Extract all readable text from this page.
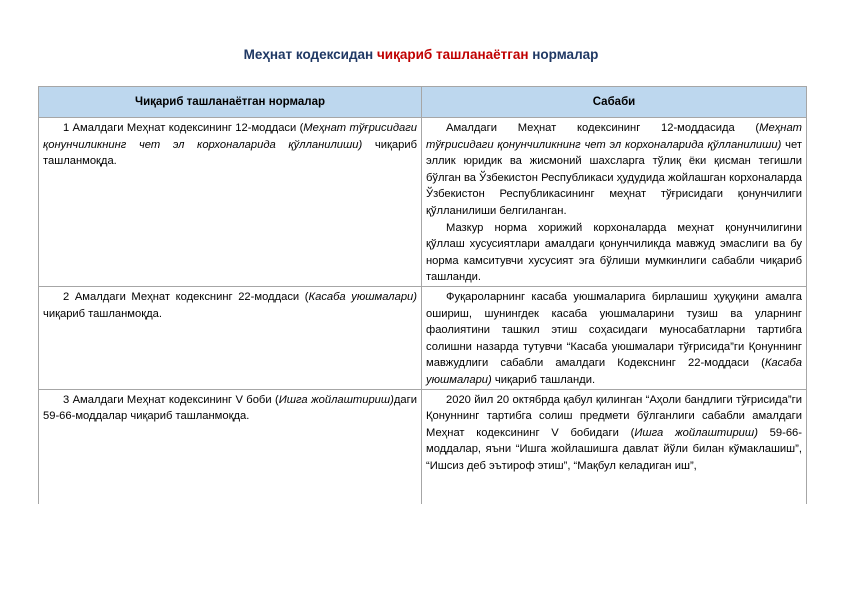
Меҳнат кодексидан чиқариб ташланаётган нормалар
Чиқариб ташланаётган нормалар	Сабаби

1 Амалдаги Меҳнат кодексининг 12-моддаси (Меҳнат тўғрисидаги қонунчиликнинг чет эл корхоналарида қўлланилиши) чиқариб ташланмоқда.	Амалдаги Меҳнат кодексининг 12-моддасида (Меҳнат тўғрисидаги қонунчиликнинг чет эл корхоналарида қўлланилиши) чет эллик юридик ва жисмоний шахсларга тўлиқ ёки қисман тегишли бўлган ва Ўзбекистон Республикаси ҳудудида жойлашган корхоналарда Ўзбекистон Республикасининг меҳнат тўғрисидаги қонунчилиги қўлланилиши белгиланган.

Мазкур норма хорижий корхоналарда меҳнат қонунчилигини қўллаш хусусиятлари амалдаги қонунчиликда мавжуд эмаслиги ва бу норма камситувчи хусусият эга бўлиши мумкинлиги сабабли чиқариб ташланди.

2 Амалдаги Меҳнат кодекснинг 22-моддаси (Касаба уюшмалари) чиқариб ташланмоқда.	Фуқароларнинг касаба уюшмаларига бирлашиш ҳуқуқини амалга ошириш, шунингдек касаба уюшмаларини тузиш ва уларнинг фаолиятини ташкил этиш соҳасидаги муносабатларни тартибга солишни назарда тутувчи “Касаба уюшмалари тўғрисида”ги Қонуннинг мавжудлиги сабабли амалдаги Кодекснинг 22-моддаси (Касаба уюшмалари) чиқариб ташланди.

3 Амалдаги Меҳнат кодексининг V боби (Ишга жойлаштириш)даги 59-66-моддалар чиқариб ташланмоқда.	2020 йил 20 октябрда қабул қилинган “Аҳоли бандлиги тўғрисида”ги Қонуннинг тартибга солиш предмети бўлганлиги сабабли амалдаги Меҳнат кодексининг V бобидаги (Ишга жойлаштириш) 59-66-моддалар, яъни “Ишга жойлашишга давлат йўли билан кўмаклашиш”, “Ишсиз деб эътироф этиш”, “Мақбул келадиган иш”,
